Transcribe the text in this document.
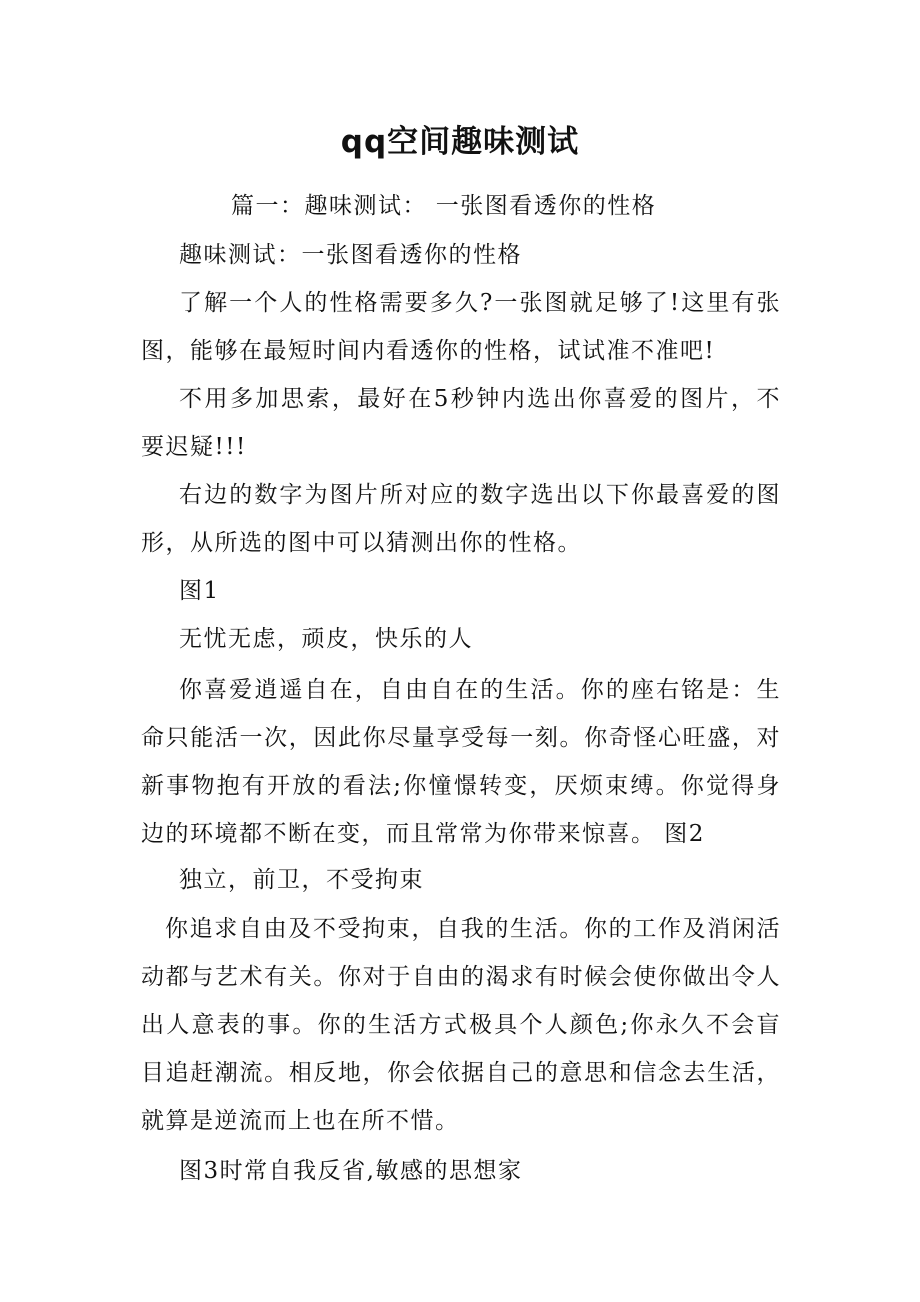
qq空间趣味测试
篇一：趣味测试： 一张图看透你的性格
趣味测试：一张图看透你的性格
了解一个人的性格需要多久?一张图就足够了!这里有张图，能够在最短时间内看透你的性格，试试准不准吧!
不用多加思索，最好在5秒钟内选出你喜爱的图片，不要迟疑!!!
右边的数字为图片所对应的数字选出以下你最喜爱的图形，从所选的图中可以猜测出你的性格。
图1
无忧无虑，顽皮，快乐的人
你喜爱逍遥自在，自由自在的生活。你的座右铭是：生命只能活一次，因此你尽量享受每一刻。你奇怪心旺盛，对新事物抱有开放的看法;你憧憬转变，厌烦束缚。你觉得身边的环境都不断在变，而且常常为你带来惊喜。 图2
独立，前卫，不受拘束
你追求自由及不受拘束，自我的生活。你的工作及消闲活动都与艺术有关。你对于自由的渴求有时候会使你做出令人出人意表的事。你的生活方式极具个人颜色;你永久不会盲目追赶潮流。相反地，你会依据自己的意思和信念去生活，就算是逆流而上也在所不惜。
图3时常自我反省,敏感的思想家
